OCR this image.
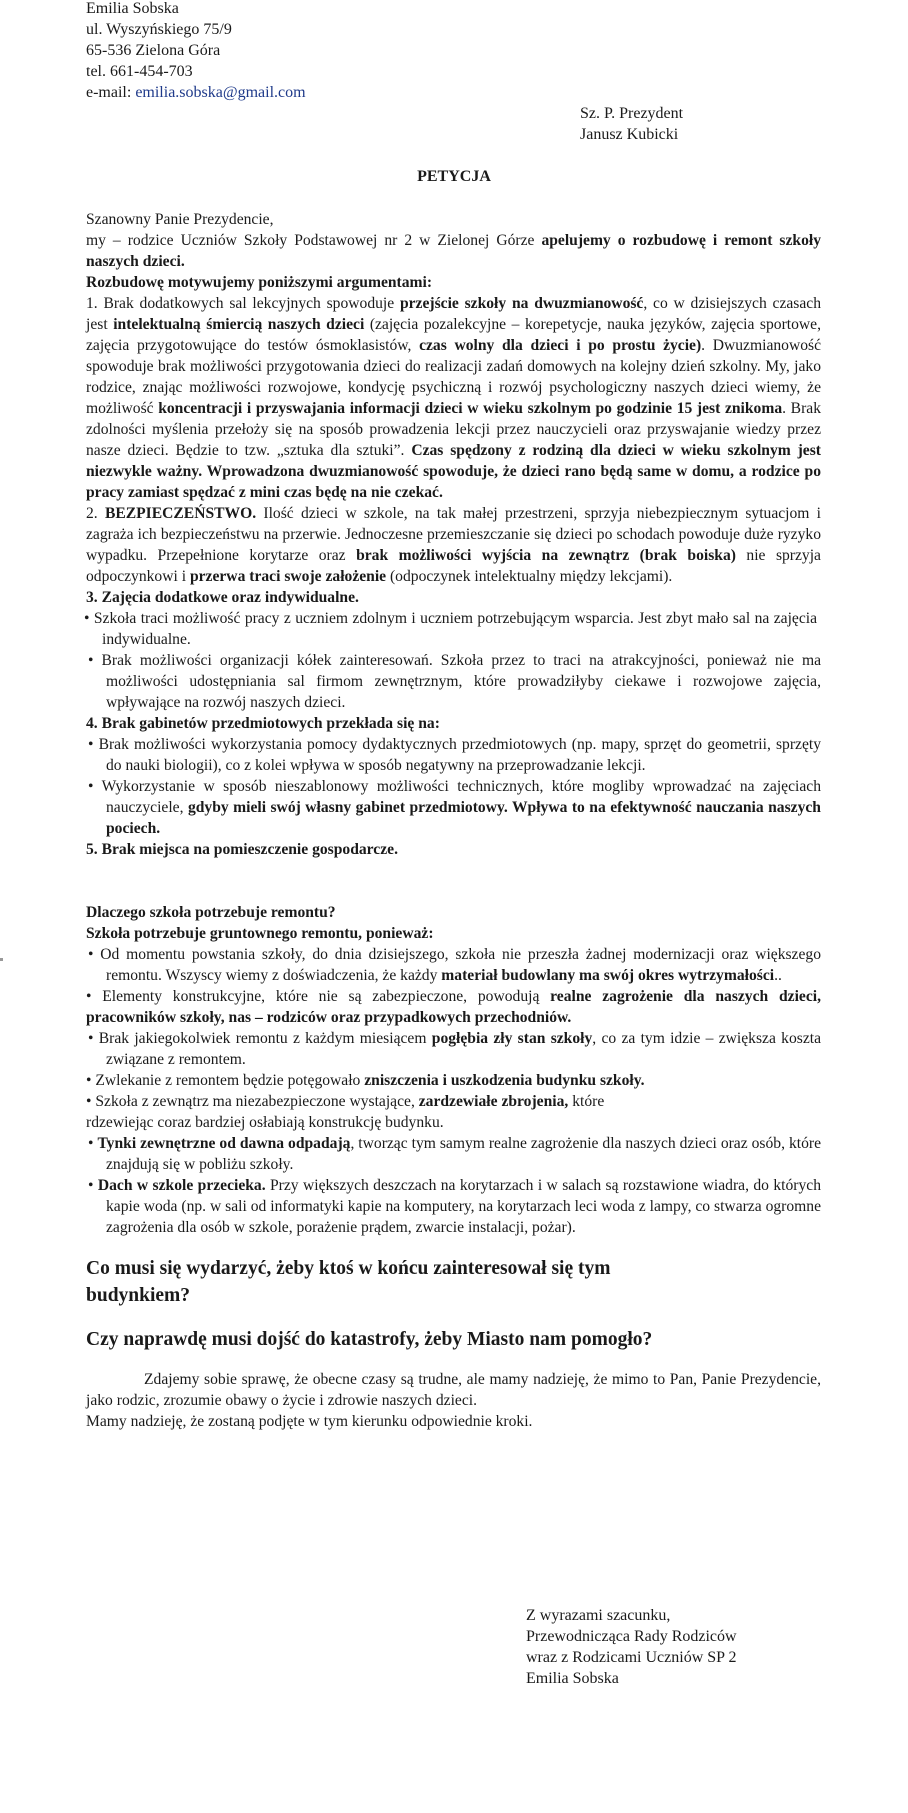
Emilia Sobska
ul. Wyszyńskiego 75/9
65-536 Zielona Góra
tel. 661-454-703
e-mail: emilia.sobska@gmail.com
Sz. P. Prezydent
Janusz Kubicki
PETYCJA

Szanowny Panie Prezydencie,

my – rodzice Uczniów Szkoły Podstawowej nr 2 w Zielonej Górze apelujemy o rozbudowę i remont szkoły naszych dzieci.

Rozbudowę motywujemy poniższymi argumentami:

1. Brak dodatkowych sal lekcyjnych spowoduje przejście szkoły na dwuzmianowość, co w dzisiejszych czasach jest intelektualną śmiercią naszych dzieci (zajęcia pozalekcyjne – korepetycje, nauka języków, zajęcia sportowe, zajęcia przygotowujące do testów ósmoklasistów, czas wolny dla dzieci i po prostu życie). Dwuzmianowość spowoduje brak możliwości przygotowania dzieci do realizacji zadań domowych na kolejny dzień szkolny. My, jako rodzice, znając możliwości rozwojowe, kondycję psychiczną i rozwój psychologiczny naszych dzieci wiemy, że możliwość koncentracji i przyswajania informacji dzieci w wieku szkolnym po godzinie 15 jest znikoma. Brak zdolności myślenia przełoży się na sposób prowadzenia lekcji przez nauczycieli oraz przyswajanie wiedzy przez nasze dzieci. Będzie to tzw. „sztuka dla sztuki”. Czas spędzony z rodziną dla dzieci w wieku szkolnym jest niezwykle ważny. Wprowadzona dwuzmianowość spowoduje, że dzieci rano będą same w domu, a rodzice po pracy zamiast spędzać z mini czas będę na nie czekać.

2. BEZPIECZEŃSTWO. Ilość dzieci w szkole, na tak małej przestrzeni, sprzyja niebezpiecznym sytuacjom i zagraża ich bezpieczeństwu na przerwie. Jednoczesne przemieszczanie się dzieci po schodach powoduje duże ryzyko wypadku. Przepełnione korytarze oraz brak możliwości wyjścia na zewnątrz (brak boiska) nie sprzyja odpoczynkowi i przerwa traci swoje założenie (odpoczynek intelektualny między lekcjami).

3. Zajęcia dodatkowe oraz indywidualne.

• Szkoła traci możliwość pracy z uczniem zdolnym i uczniem potrzebującym wsparcia. Jest zbyt mało sal na zajęcia indywidualne.

• Brak możliwości organizacji kółek zainteresowań. Szkoła przez to traci na atrakcyjności, ponieważ nie ma możliwości udostępniania sal firmom zewnętrznym, które prowadziłyby ciekawe i rozwojowe zajęcia, wpływające na rozwój naszych dzieci.

4. Brak gabinetów przedmiotowych przekłada się na:

• Brak możliwości wykorzystania pomocy dydaktycznych przedmiotowych (np. mapy, sprzęt do geometrii, sprzęty do nauki biologii), co z kolei wpływa w sposób negatywny na przeprowadzanie lekcji.

• Wykorzystanie w sposób nieszablonowy możliwości technicznych, które mogliby wprowadzać na zajęciach nauczyciele, gdyby mieli swój własny gabinet przedmiotowy. Wpływa to na efektywność nauczania naszych pociech.

5. Brak miejsca na pomieszczenie gospodarcze.

Dlaczego szkoła potrzebuje remontu?

Szkoła potrzebuje gruntownego remontu, ponieważ:

• Od momentu powstania szkoły, do dnia dzisiejszego, szkoła nie przeszła żadnej modernizacji oraz większego remontu. Wszyscy wiemy z doświadczenia, że każdy materiał budowlany ma swój okres wytrzymałości..

• Elementy konstrukcyjne, które nie są zabezpieczone, powodują realne zagrożenie dla naszych dzieci, pracowników szkoły, nas – rodziców oraz przypadkowych przechodniów.

• Brak jakiegokolwiek remontu z każdym miesiącem pogłębia zły stan szkoły, co za tym idzie – zwiększa koszta związane z remontem.

• Zwlekanie z remontem będzie potęgowało zniszczenia i uszkodzenia budynku szkoły.

• Szkoła z zewnątrz ma niezabezpieczone wystające, zardzewiałe zbrojenia, które

rdzewiejąc coraz bardziej osłabiają konstrukcję budynku.

• Tynki zewnętrzne od dawna odpadają, tworząc tym samym realne zagrożenie dla naszych dzieci oraz osób, które znajdują się w pobliżu szkoły.

• Dach w szkole przecieka. Przy większych deszczach na korytarzach i w salach są rozstawione wiadra, do których kapie woda (np. w sali od informatyki kapie na komputery, na korytarzach leci woda z lampy, co stwarza ogromne zagrożenia dla osób w szkole, porażenie prądem, zwarcie instalacji, pożar).

Co musi się wydarzyć, żeby ktoś w końcu zainteresował się tym budynkiem?
Czy naprawdę musi dojść do katastrofy, żeby Miasto nam pomogło?

Zdajemy sobie sprawę, że obecne czasy są trudne, ale mamy nadzieję, że mimo to Pan, Panie Prezydencie, jako rodzic, zrozumie obawy o życie i zdrowie naszych dzieci.

Mamy nadzieję, że zostaną podjęte w tym kierunku odpowiednie kroki.

Z wyrazami szacunku,
Przewodnicząca Rady Rodziców
wraz z Rodzicami Uczniów SP 2
Emilia Sobska
